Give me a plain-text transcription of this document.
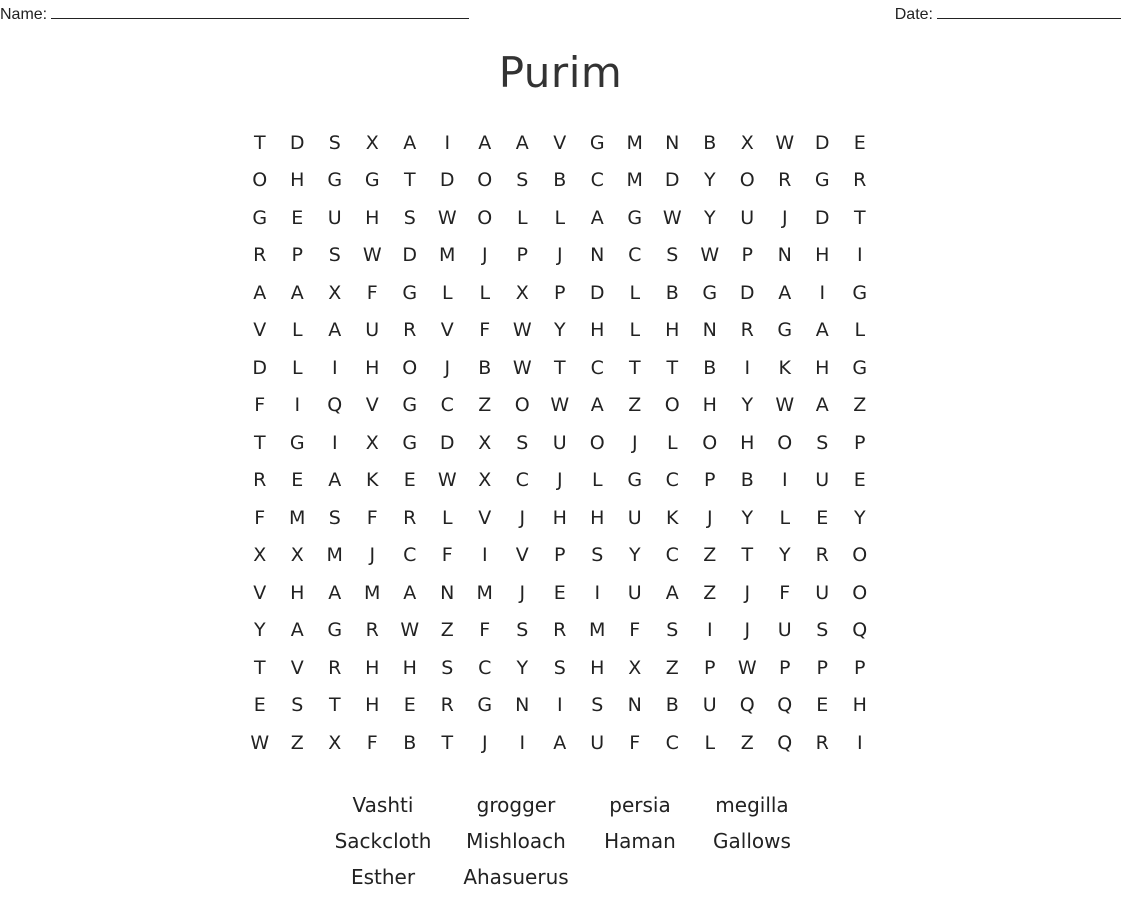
Name:	Date:
Purim
T	D	S	X	A	I	A	A	V	G	M	N	B	X	W	D	E
O	H	G	G	T	D	O	S	B	C	M	D	Y	O	R	G	R
G	E	U	H	S	W	O	L	L	A	G	W	Y	U	J	D	T
R	P	S	W	D	M	J	P	J	N	C	S	W	P	N	H	I
A	A	X	F	G	L	L	X	P	D	L	B	G	D	A	I	G
V	L	A	U	R	V	F	W	Y	H	L	H	N	R	G	A	L
D	L	I	H	O	J	B	W	T	C	T	T	B	I	K	H	G
F	I	Q	V	G	C	Z	O	W	A	Z	O	H	Y	W	A	Z
T	G	I	X	G	D	X	S	U	O	J	L	O	H	O	S	P
R	E	A	K	E	W	X	C	J	L	G	C	P	B	I	U	E
F	M	S	F	R	L	V	J	H	H	U	K	J	Y	L	E	Y
X	X	M	J	C	F	I	V	P	S	Y	C	Z	T	Y	R	O
V	H	A	M	A	N	M	J	E	I	U	A	Z	J	F	U	O
Y	A	G	R	W	Z	F	S	R	M	F	S	I	J	U	S	Q
T	V	R	H	H	S	C	Y	S	H	X	Z	P	W	P	P	P
E	S	T	H	E	R	G	N	I	S	N	B	U	Q	Q	E	H
W	Z	X	F	B	T	J	I	A	U	F	C	L	Z	Q	R	I
Vashti	grogger	persia	megilla
Sackcloth	Mishloach	Haman	Gallows
Esther	Ahasuerus
